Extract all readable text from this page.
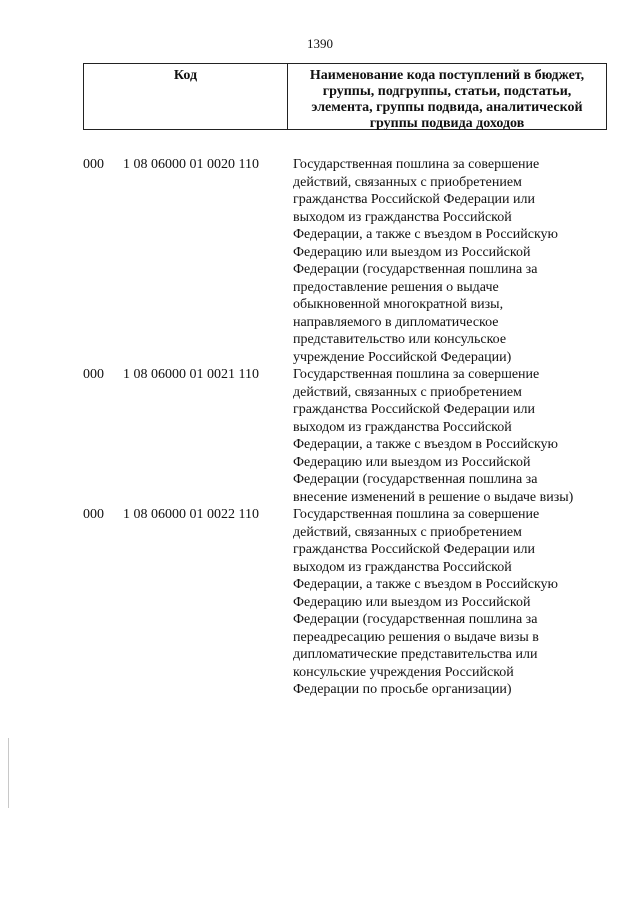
1390
Код	Наименование кода поступлений в бюджет,
группы, подгруппы, статьи, подстатьи,
элемента, группы подвида, аналитической
группы подвида доходов
000	1 08 06000 01 0020 110	Государственная пошлина за совершение
действий, связанных с приобретением
гражданства Российской Федерации или
выходом из гражданства Российской
Федерации, а также с въездом в Российскую
Федерацию или выездом из Российской
Федерации (государственная пошлина за
предоставление решения о выдаче
обыкновенной многократной визы,
направляемого в дипломатическое
представительство или консульское
учреждение Российской Федерации)
000	1 08 06000 01 0021 110	Государственная пошлина за совершение
действий, связанных с приобретением
гражданства Российской Федерации или
выходом из гражданства Российской
Федерации, а также с въездом в Российскую
Федерацию или выездом из Российской
Федерации (государственная пошлина за
внесение изменений в решение о выдаче визы)
000	1 08 06000 01 0022 110	Государственная пошлина за совершение
действий, связанных с приобретением
гражданства Российской Федерации или
выходом из гражданства Российской
Федерации, а также с въездом в Российскую
Федерацию или выездом из Российской
Федерации (государственная пошлина за
переадресацию решения о выдаче визы в
дипломатические представительства или
консульские учреждения Российской
Федерации по просьбе организации)
